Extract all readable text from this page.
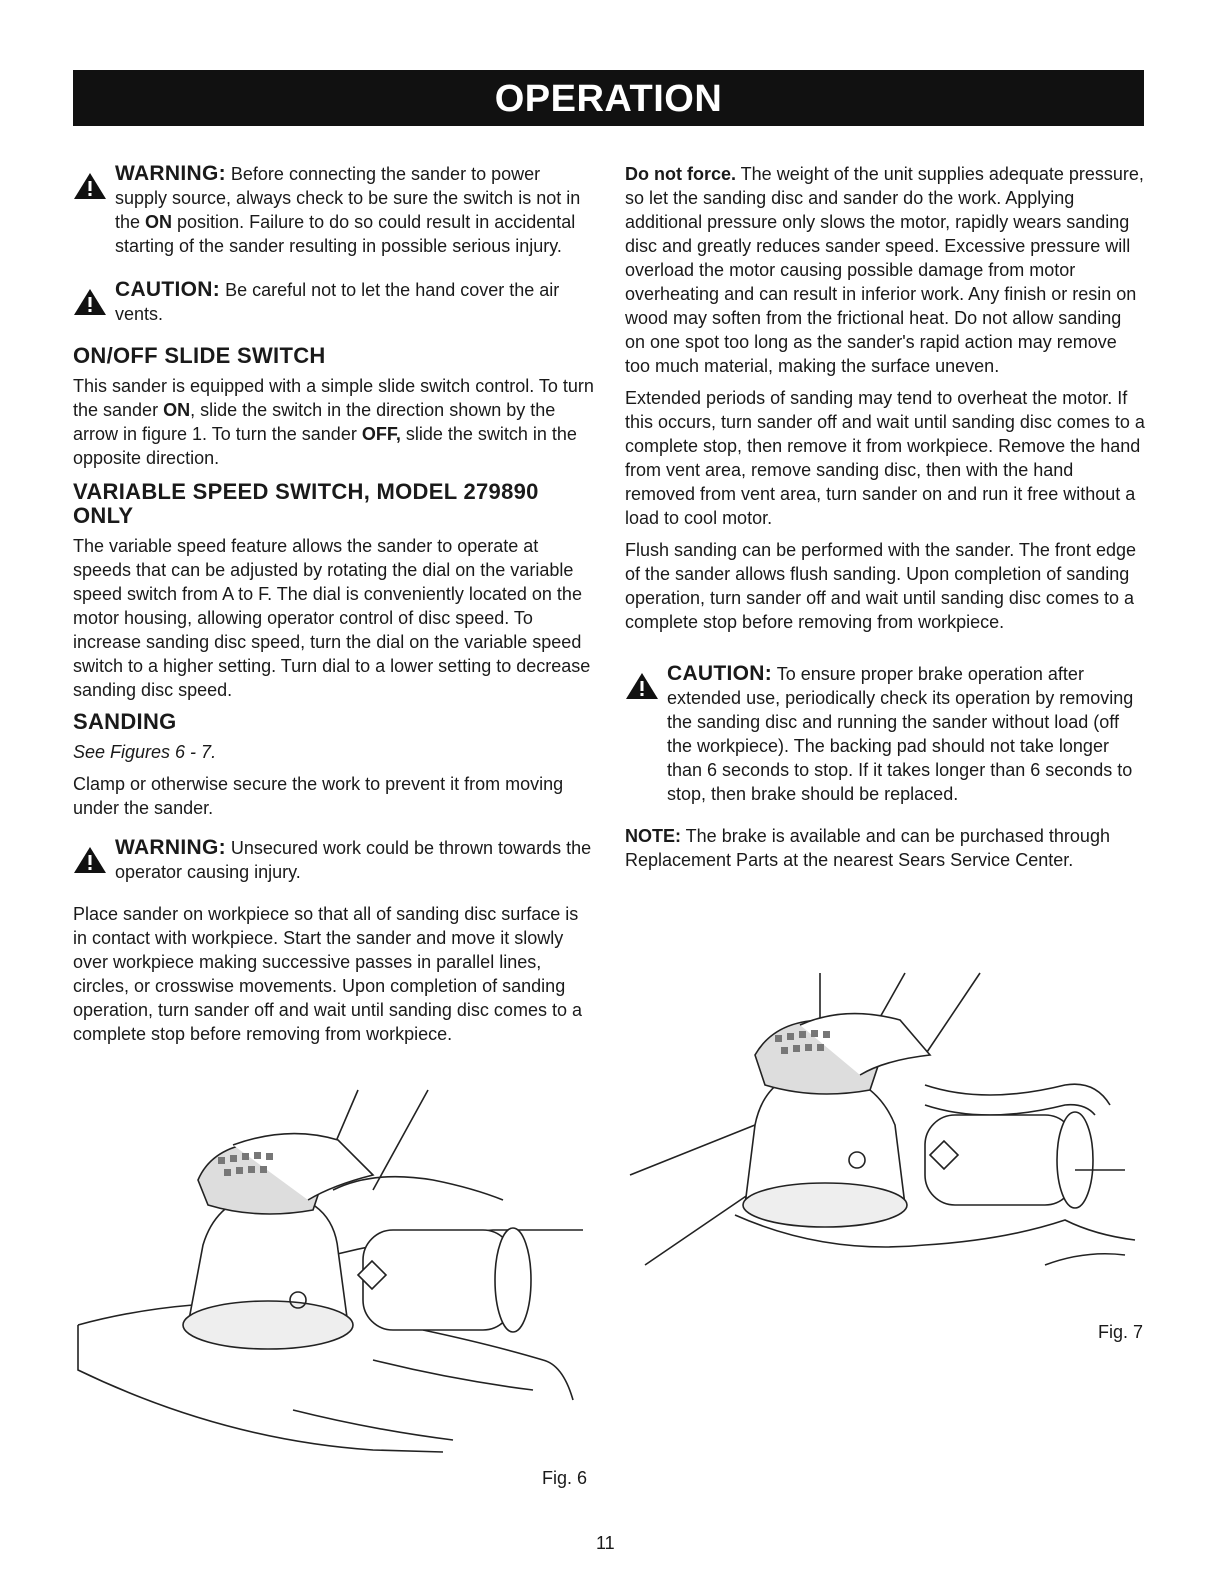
OPERATION

WARNING: Before connecting the sander to power supply source, always check to be sure the switch is not in the ON position. Failure to do so could result in accidental starting of the sander resulting in possible serious injury.

CAUTION: Be careful not to let the hand cover the air vents.

ON/OFF SLIDE SWITCH

This sander is equipped with a simple slide switch control. To turn the sander ON, slide the switch in the direction shown by the arrow in figure 1. To turn the sander OFF, slide the switch in the opposite direction.

VARIABLE SPEED SWITCH, MODEL 279890 ONLY

The variable speed feature allows the sander to operate at speeds that can be adjusted by rotating the dial on the variable speed switch from A to F. The dial is conveniently located on the motor housing, allowing operator control of disc speed. To increase sanding disc speed, turn the dial on the variable speed switch to a higher setting. Turn dial to a lower setting to decrease sanding disc speed.

SANDING

See Figures 6 - 7.

Clamp or otherwise secure the work to prevent it from moving under the sander.

WARNING: Unsecured work could be thrown towards the operator causing injury.

Place sander on workpiece so that all of sanding disc surface is in contact with workpiece. Start the sander and move it slowly over workpiece making successive passes in parallel lines, circles, or crosswise movements. Upon completion of sanding operation, turn sander off and wait until sanding disc comes to a complete stop before removing from workpiece.

Do not force. The weight of the unit supplies adequate pressure, so let the sanding disc and sander do the work. Applying additional pressure only slows the motor, rapidly wears sanding disc and greatly reduces sander speed. Excessive pressure will overload the motor causing possible damage from motor overheating and can result in inferior work. Any finish or resin on wood may soften from the frictional heat. Do not allow sanding on one spot too long as the sander's rapid action may remove too much material, making the surface uneven.

Extended periods of sanding may tend to overheat the motor. If this occurs, turn sander off and wait until sanding disc comes to a complete stop, then remove it from workpiece. Remove the hand from vent area, remove sanding disc, then with the hand removed from vent area, turn sander on and run it free without a load to cool motor.

Flush sanding can be performed with the sander. The front edge of the sander allows flush sanding. Upon completion of sanding operation, turn sander off and wait until sanding disc comes to a complete stop before removing from workpiece.

CAUTION: To ensure proper brake operation after extended use, periodically check its operation by removing the sanding disc and running the sander without load (off the workpiece). The backing pad should not take longer than 6 seconds to stop. If it takes longer than 6 seconds to stop, then brake should be replaced.

NOTE: The brake is available and can be purchased through Replacement Parts at the nearest Sears Service Center.

Fig. 7
Fig. 6
11
